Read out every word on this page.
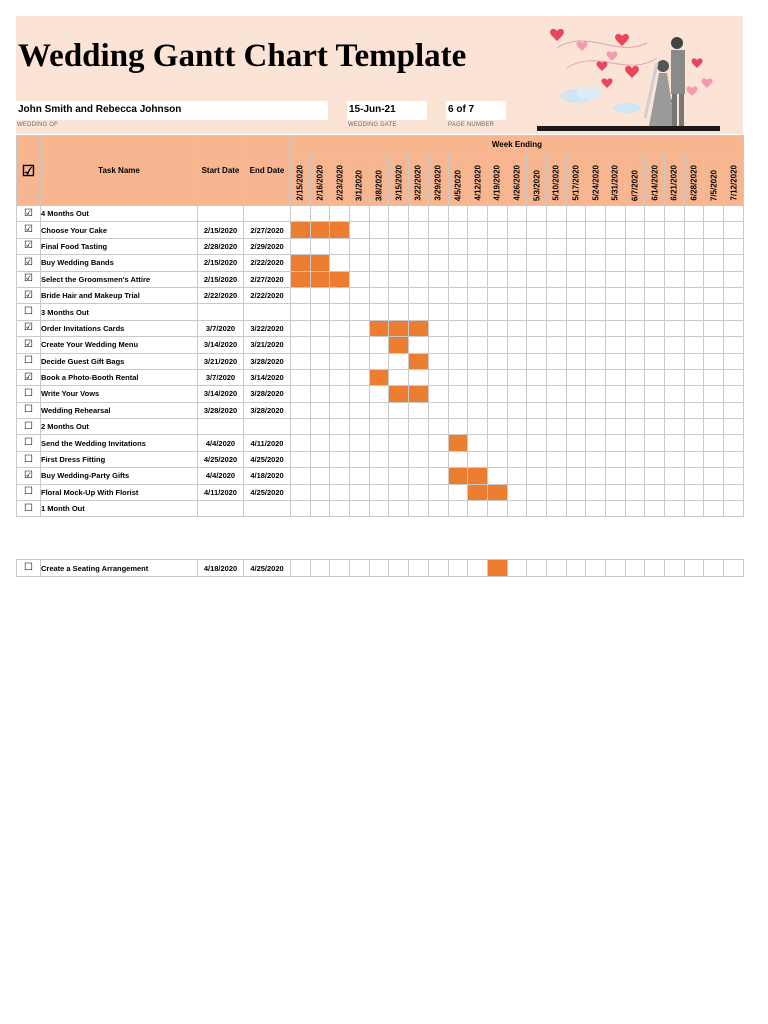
Wedding Gantt Chart Template
John Smith and Rebecca Johnson
WEDDING OF
15-Jun-21
WEDDING DATE
6 of 7
PAGE NUMBER
☑	Task Name	Start Date	End Date	Week Ending																						

				2/15/2020	2/16/2020	2/23/2020	3/1/2020	3/8/2020	3/15/2020	3/22/2020	3/29/2020	4/5/2020	4/12/2020	4/19/2020	4/26/2020	5/3/2020	5/10/2020	5/17/2020	5/24/2020	5/31/2020	6/7/2020	6/14/2020	6/21/2020	6/28/2020	7/5/2020	7/12/2020

☑	4 Months Out																									
☑	Choose Your Cake	2/15/2020	2/27/2020																							
☑	Final Food Tasting	2/28/2020	2/29/2020																							
☑	Buy Wedding Bands	2/15/2020	2/22/2020																							
☑	Select the Groomsmen's Attire	2/15/2020	2/27/2020																							
☑	Bride Hair and Makeup Trial	2/22/2020	2/22/2020																							
☐	3 Months Out																									
☑	Order Invitations Cards	3/7/2020	3/22/2020																							
☑	Create Your Wedding Menu	3/14/2020	3/21/2020																							
☐	Decide Guest Gift Bags	3/21/2020	3/28/2020																							
☑	Book a Photo-Booth Rental	3/7/2020	3/14/2020																							
☐	Write Your Vows	3/14/2020	3/28/2020																							
☐	Wedding Rehearsal	3/28/2020	3/28/2020																							
☐	2 Months Out																									
☐	Send the Wedding Invitations	4/4/2020	4/11/2020																							
☐	First Dress Fitting	4/25/2020	4/25/2020																							
☑	Buy Wedding-Party Gifts	4/4/2020	4/18/2020																							
☐	Floral Mock-Up With Florist	4/11/2020	4/25/2020																							
☐	1 Month Out																									
☐	Create a Seating Arrangement	4/18/2020	4/25/2020																							
